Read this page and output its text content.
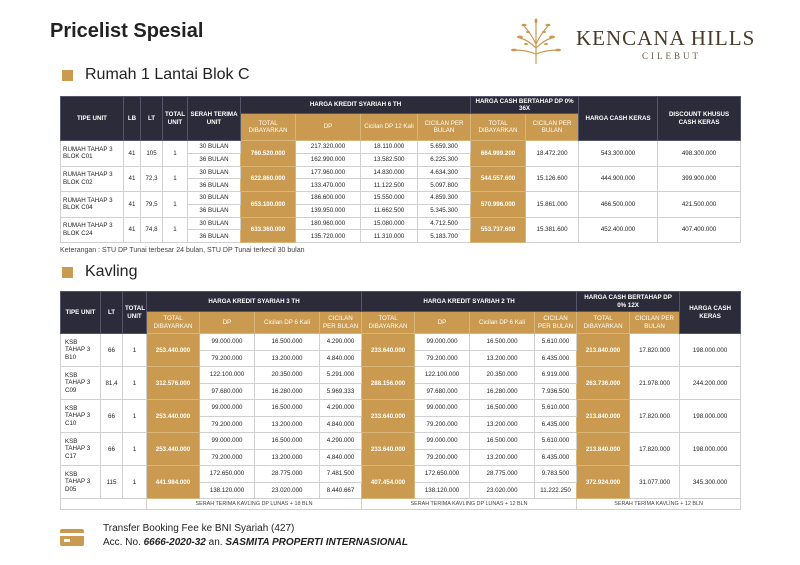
Pricelist Spesial	KENCANA HILLS
CILEBUT
Rumah 1 Lantai Blok C
TIPE UNIT	LB	LT	TOTAL UNIT	SERAH TERIMA UNIT	HARGA KREDIT SYARIAH 6 TH				HARGA CASH BERTAHAP DP 0% 36X		HARGA CASH KERAS	DISCOUNT KHUSUS CASH KERAS
					TOTAL DIBAYARKAN	DP	Cicilan DP 12 Kali	CICILAN PER BULAN	TOTAL DIBAYARKAN	CICILAN PER BULAN		
RUMAH TAHAP 3 BLOK C01	41	105	1	30 BULAN	760.520.000	217.320.000	18.110.000	5.659.300	664.999.200	18.472.200	543.300.000	498.300.000
				36 BULAN		162.990.000	13.582.500	6.225.300				
RUMAH TAHAP 3 BLOK C02	41	72,3	1	30 BULAN	622.860.000	177.960.000	14.830.000	4.634.300	544.557.600	15.126.600	444.900.000	399.900.000
				36 BULAN		133.470.000	11.122.500	5.097.800				
RUMAH TAHAP 3 BLOK C04	41	79,5	1	30 BULAN	653.100.000	186.600.000	15.550.000	4.859.300	570.996.000	15.861.000	466.500.000	421.500.000
				36 BULAN		139.950.000	11.662.500	5.345.300				
RUMAH TAHAP 3 BLOK C24	41	74,8	1	30 BULAN	633.360.000	180.960.000	15.080.000	4.712.500	553.737.600	15.381.600	452.400.000	407.400.000
				36 BULAN		135.720.000	11.310.000	5.183.700				
Keterangan : STU DP Tunai terbesar 24 bulan, STU DP Tunai terkecil 30 bulan
Kavling
TIPE UNIT	LT	TOTAL UNIT	HARGA KREDIT SYARIAH 3 TH				HARGA KREDIT SYARIAH 2 TH				HARGA CASH BERTAHAP DP 0% 12X		HARGA CASH KERAS
			TOTAL DIBAYARKAN	DP	Cicilan DP 6 Kali	CICILAN PER BULAN	TOTAL DIBAYARKAN	DP	Cicilan DP 6 Kali	CICILAN PER BULAN	TOTAL DIBAYARKAN	CICILAN PER BULAN	
KSB TAHAP 3 B10	66	1	253.440.000	99.000.000	16.500.000	4.290.000	233.640.000	99.000.000	16.500.000	5.610.000	213.840.000	17.820.000	198.000.000
				79.200.000	13.200.000	4.840.000		79.200.000	13.200.000	6.435.000			
KSB TAHAP 3 C09	81,4	1	312.576.000	122.100.000	20.350.000	5.291.000	288.156.000	122.100.000	20.350.000	6.919.000	263.736.000	21.978.000	244.200.000
				97.680.000	16.280.000	5.969.333		97.680.000	16.280.000	7.936.500			
KSB TAHAP 3 C10	66	1	253.440.000	99.000.000	16.500.000	4.290.000	233.640.000	99.000.000	16.500.000	5.610.000	213.840.000	17.820.000	198.000.000
				79.200.000	13.200.000	4.840.000		79.200.000	13.200.000	6.435.000			
KSB TAHAP 3 C17	66	1	253.440.000	99.000.000	16.500.000	4.290.000	233.640.000	99.000.000	16.500.000	5.610.000	213.840.000	17.820.000	198.000.000
				79.200.000	13.200.000	4.840.000		79.200.000	13.200.000	6.435.000			
KSB TAHAP 3 D05	115	1	441.984.000	172.650.000	28.775.000	7.481.500	407.454.000	172.650.000	28.775.000	9.783.500	372.924.000	31.077.000	345.300.000
				138.120.000	23.020.000	8.440.667		138.120.000	23.020.000	11.222.250			
			SERAH TERIMA KAVLING DP LUNAS + 18 BLN				SERAH TERIMA KAVLING DP LUNAS + 12 BLN				SERAH TERIMA KAVLING + 12 BLN		
Transfer Booking Fee ke BNI Syariah (427)
Acc. No. 6666-2020-32 an. SASMITA PROPERTI INTERNASIONAL
